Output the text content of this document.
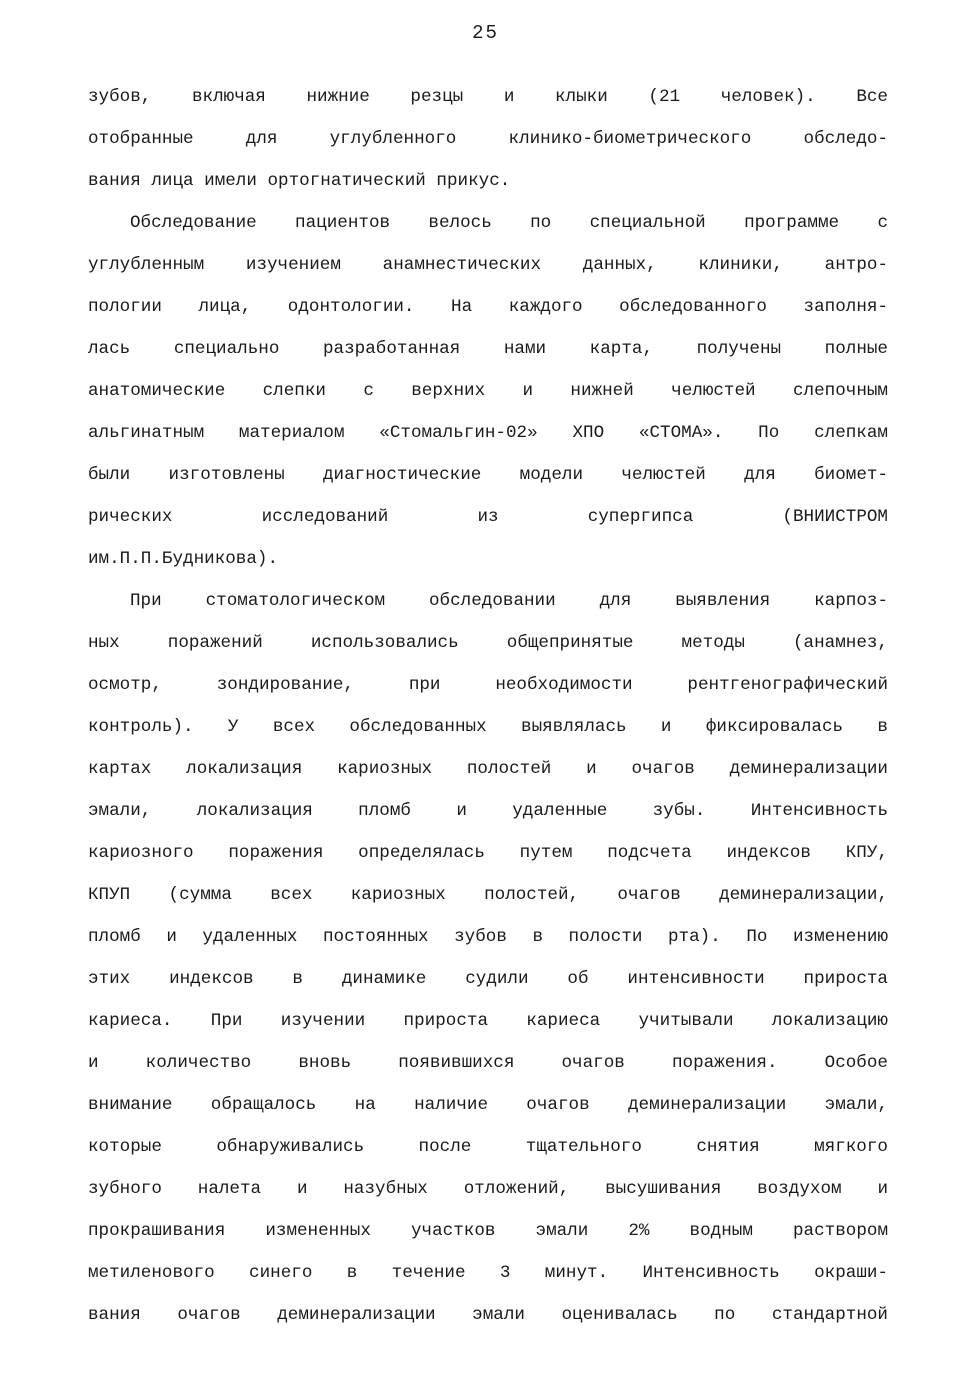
25
зубов, включая нижние резцы и клыки (21 человек). Все
отобранные для углубленного клинико-биометрического обследо-
вания лица имели ортогнатический прикус.
Обследование пациентов велось по специальной программе с
углубленным изучением анамнестических данных, клиники, антро-
пологии лица, одонтологии. На каждого обследованного заполня-
лась специально разработанная нами карта, получены полные
анатомические слепки с верхних и нижней челюстей слепочным
альгинатным материалом «Стомальгин-02» ХПО «СТОМА». По слепкам
были изготовлены диагностические модели челюстей для биомет-
рических исследований из супергипса (ВНИИСТРОМ
им.П.П.Будникова).
При стоматологическом обследовании для выявления карпоз-
ных поражений использовались общепринятые методы (анамнез,
осмотр, зондирование, при необходимости рентгенографический
контроль). У всех обследованных выявлялась и фиксировалась в
картах локализация кариозных полостей и очагов деминерализации
эмали, локализация пломб и удаленные зубы. Интенсивность
кариозного поражения определялась путем подсчета индексов КПУ,
КПУП (сумма всех кариозных полостей, очагов деминерализации,
пломб и удаленных постоянных зубов в полости рта). По изменению
этих индексов в динамике судили об интенсивности прироста
кариеса. При изучении прироста кариеса учитывали локализацию
и количество вновь появившихся очагов поражения. Особое
внимание обращалось на наличие очагов деминерализации эмали,
которые обнаруживались после тщательного снятия мягкого
зубного налета и назубных отложений, высушивания воздухом и
прокрашивания измененных участков эмали 2% водным раствором
метиленового синего в течение 3 минут. Интенсивность окраши-
вания очагов деминерализации эмали оценивалась по стандартной
